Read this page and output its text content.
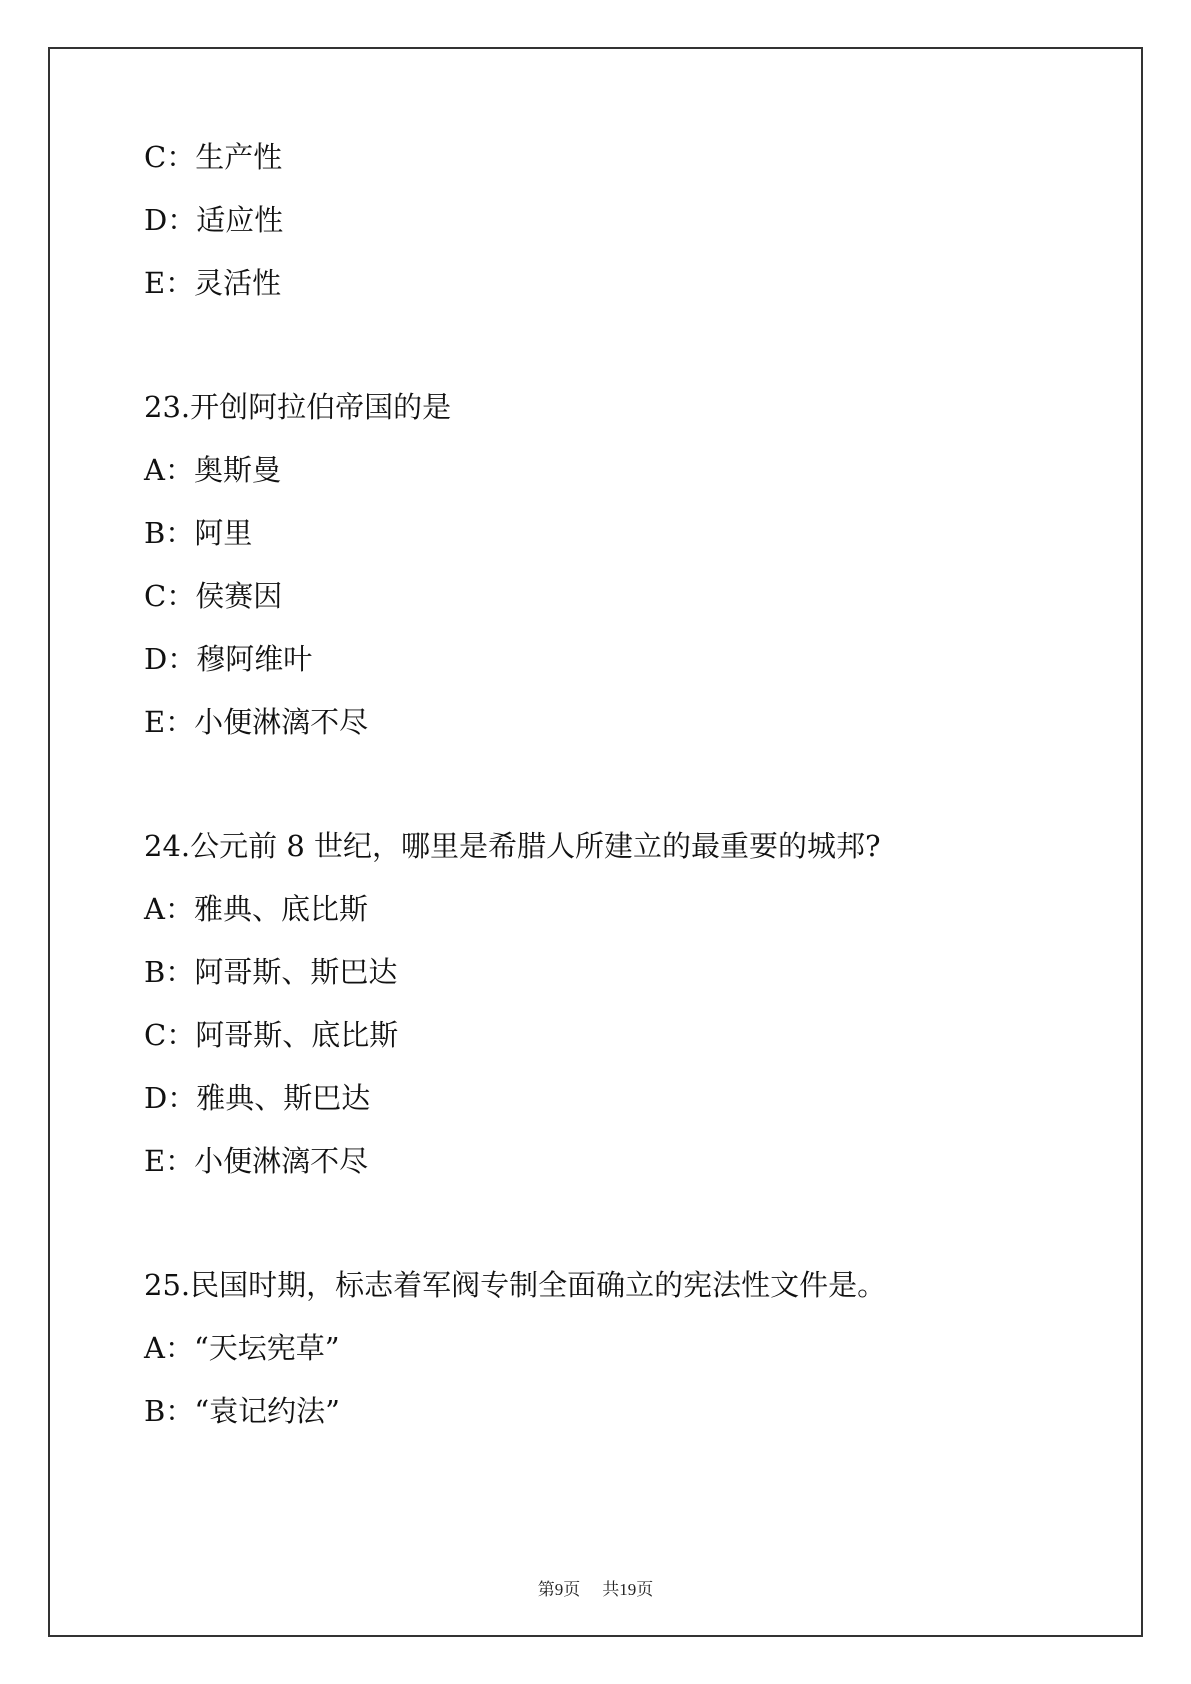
C：生产性
D：适应性
E：灵活性
23.开创阿拉伯帝国的是
A：奥斯曼
B：阿里
C：侯赛因
D：穆阿维叶
E：小便淋漓不尽
24.公元前 8 世纪，哪里是希腊人所建立的最重要的城邦?
A：雅典、底比斯
B：阿哥斯、斯巴达
C：阿哥斯、底比斯
D：雅典、斯巴达
E：小便淋漓不尽
25.民国时期，标志着军阀专制全面确立的宪法性文件是。
A：“天坛宪草”
B：“袁记约法”
第9页 共19页
